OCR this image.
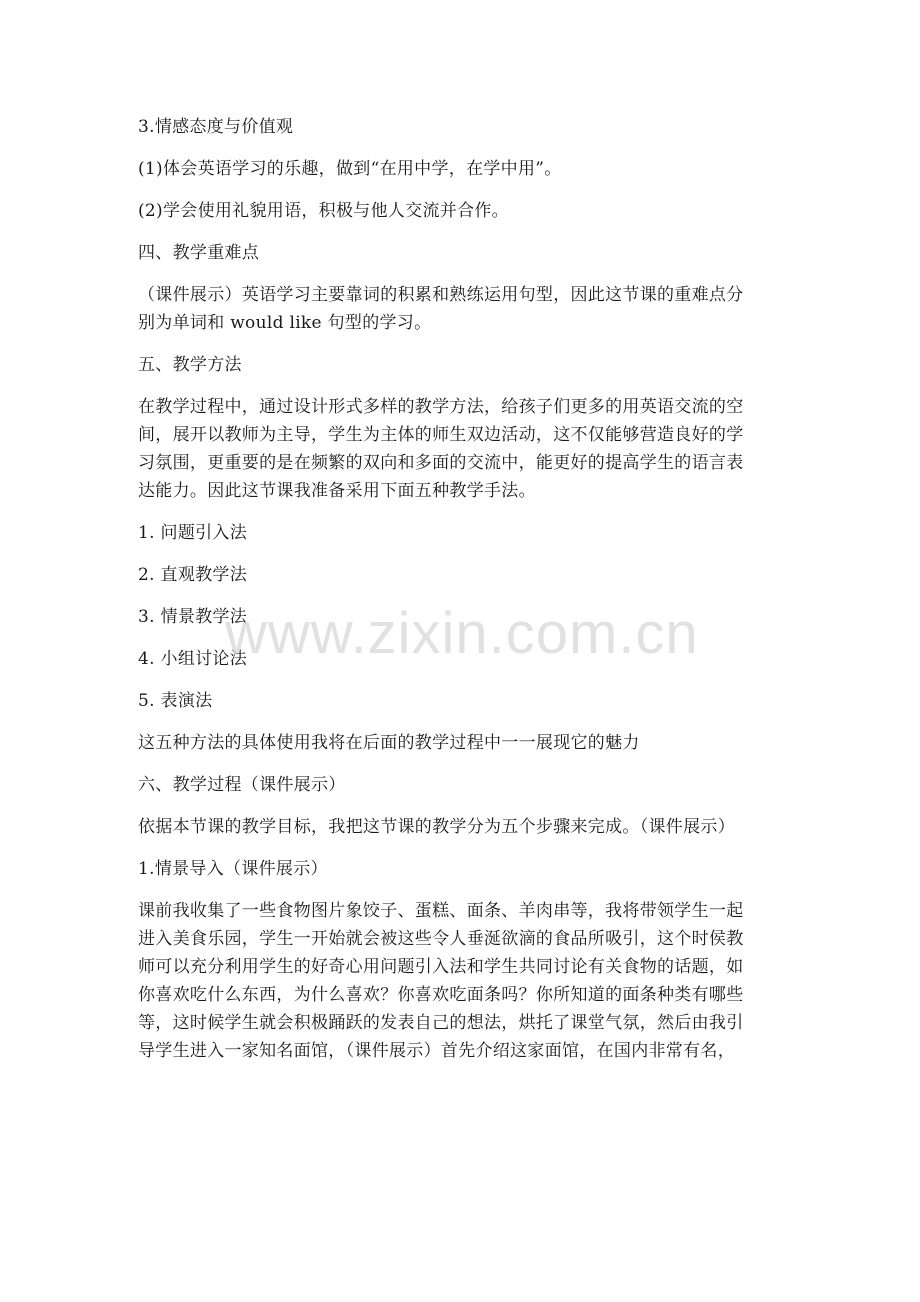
3.情感态度与价值观
(1)体会英语学习的乐趣，做到“在用中学，在学中用”。
(2)学会使用礼貌用语，积极与他人交流并合作。
四、教学重难点
（课件展示）英语学习主要靠词的积累和熟练运用句型，因此这节课的重难点分
别为单词和 would like 句型的学习。
五、教学方法
在教学过程中，通过设计形式多样的教学方法，给孩子们更多的用英语交流的空
间，展开以教师为主导，学生为主体的师生双边活动，这不仅能够营造良好的学
习氛围，更重要的是在频繁的双向和多面的交流中，能更好的提高学生的语言表
达能力。因此这节课我准备采用下面五种教学手法。
1. 问题引入法
2. 直观教学法
3. 情景教学法
4. 小组讨论法
5. 表演法
这五种方法的具体使用我将在后面的教学过程中一一展现它的魅力
六、教学过程（课件展示）
依据本节课的教学目标，我把这节课的教学分为五个步骤来完成。（课件展示）
1.情景导入（课件展示）
课前我收集了一些食物图片象饺子、蛋糕、面条、羊肉串等，我将带领学生一起
进入美食乐园，学生一开始就会被这些令人垂涎欲滴的食品所吸引，这个时侯教
师可以充分利用学生的好奇心用问题引入法和学生共同讨论有关食物的话题，如
你喜欢吃什么东西，为什么喜欢？你喜欢吃面条吗？你所知道的面条种类有哪些
等，这时候学生就会积极踊跃的发表自己的想法，烘托了课堂气氛，然后由我引
导学生进入一家知名面馆，（课件展示）首先介绍这家面馆，在国内非常有名，
www.zixin.com.cn
